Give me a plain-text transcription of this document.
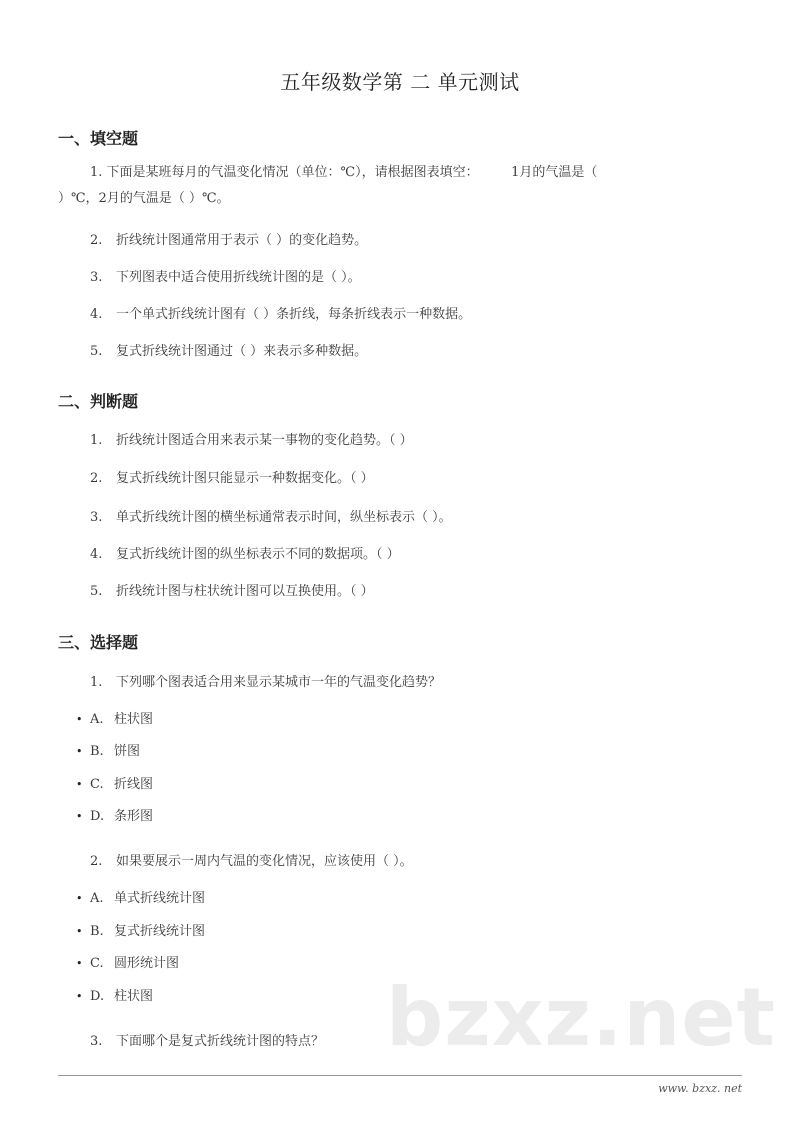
五年级数学第 二 单元测试
一、填空题
1. 下面是某班每月的气温变化情况（单位：℃），请根据图表填空：　　　1月的气温是（
）℃，2月的气温是（ ）℃。
2. 折线统计图通常用于表示（ ）的变化趋势。
3. 下列图表中适合使用折线统计图的是（ ）。
4. 一个单式折线统计图有（ ）条折线，每条折线表示一种数据。
5. 复式折线统计图通过（ ）来表示多种数据。
二、判断题
1. 折线统计图适合用来表示某一事物的变化趋势。（ ）
2. 复式折线统计图只能显示一种数据变化。（ ）
3. 单式折线统计图的横坐标通常表示时间，纵坐标表示（ ）。
4. 复式折线统计图的纵坐标表示不同的数据项。（ ）
5. 折线统计图与柱状统计图可以互换使用。（ ）
三、选择题
1. 下列哪个图表适合用来显示某城市一年的气温变化趋势？
• A. 柱状图
• B. 饼图
• C. 折线图
• D. 条形图
2. 如果要展示一周内气温的变化情况，应该使用（ ）。
• A. 单式折线统计图
• B. 复式折线统计图
• C. 圆形统计图
• D. 柱状图	bzxz.net
3. 下面哪个是复式折线统计图的特点？
www. bzxz. net
